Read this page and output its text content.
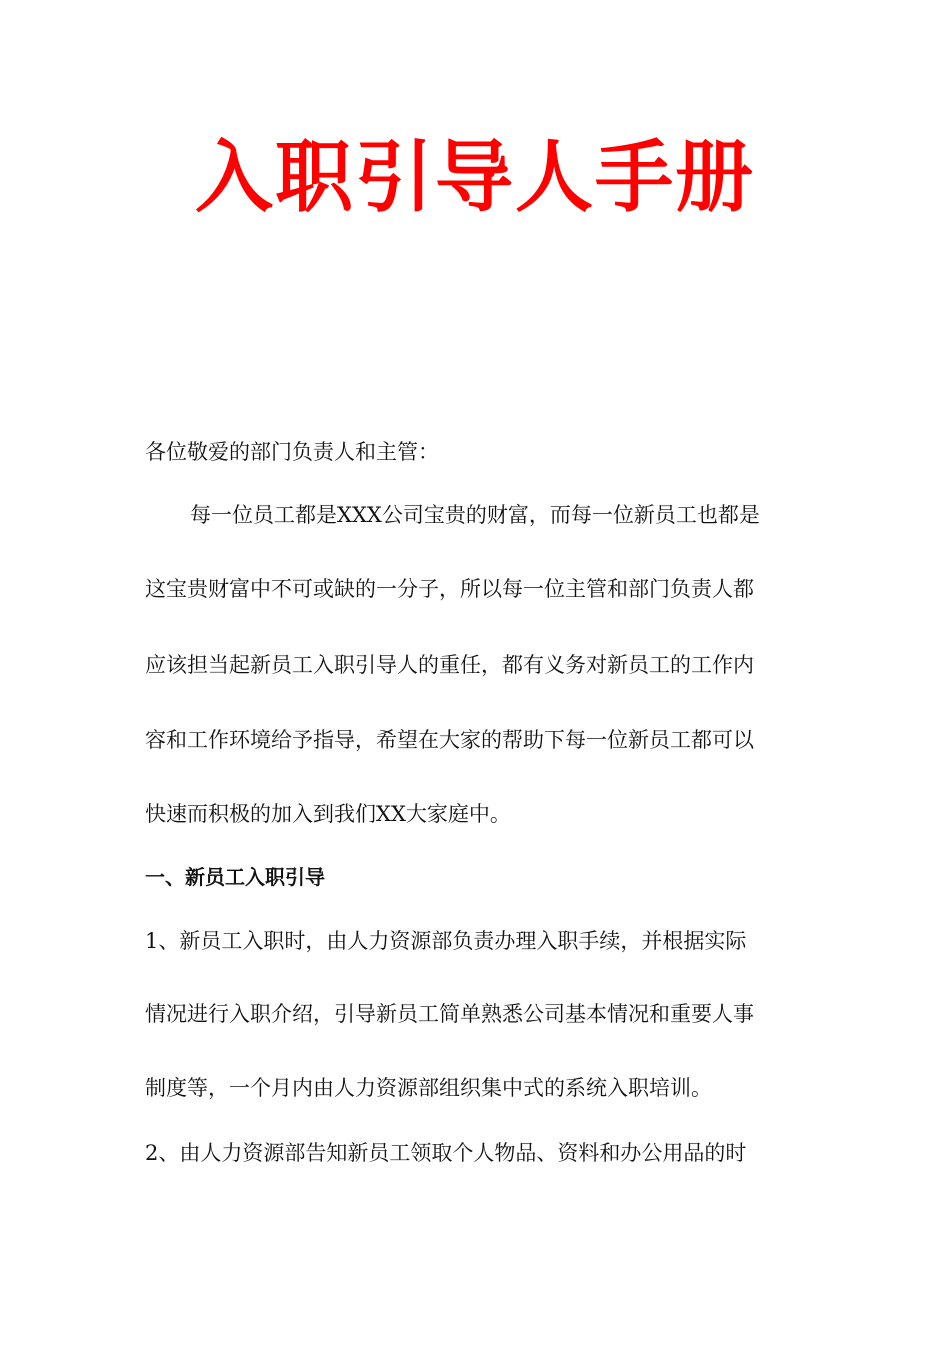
入职引导人手册
各位敬爱的部门负责人和主管：
每一位员工都是XXX公司宝贵的财富，而每一位新员工也都是
这宝贵财富中不可或缺的一分子，所以每一位主管和部门负责人都
应该担当起新员工入职引导人的重任，都有义务对新员工的工作内
容和工作环境给予指导，希望在大家的帮助下每一位新员工都可以
快速而积极的加入到我们XX大家庭中。
一、新员工入职引导
1、新员工入职时，由人力资源部负责办理入职手续，并根据实际
情况进行入职介绍，引导新员工简单熟悉公司基本情况和重要人事
制度等，一个月内由人力资源部组织集中式的系统入职培训。
2、由人力资源部告知新员工领取个人物品、资料和办公用品的时
